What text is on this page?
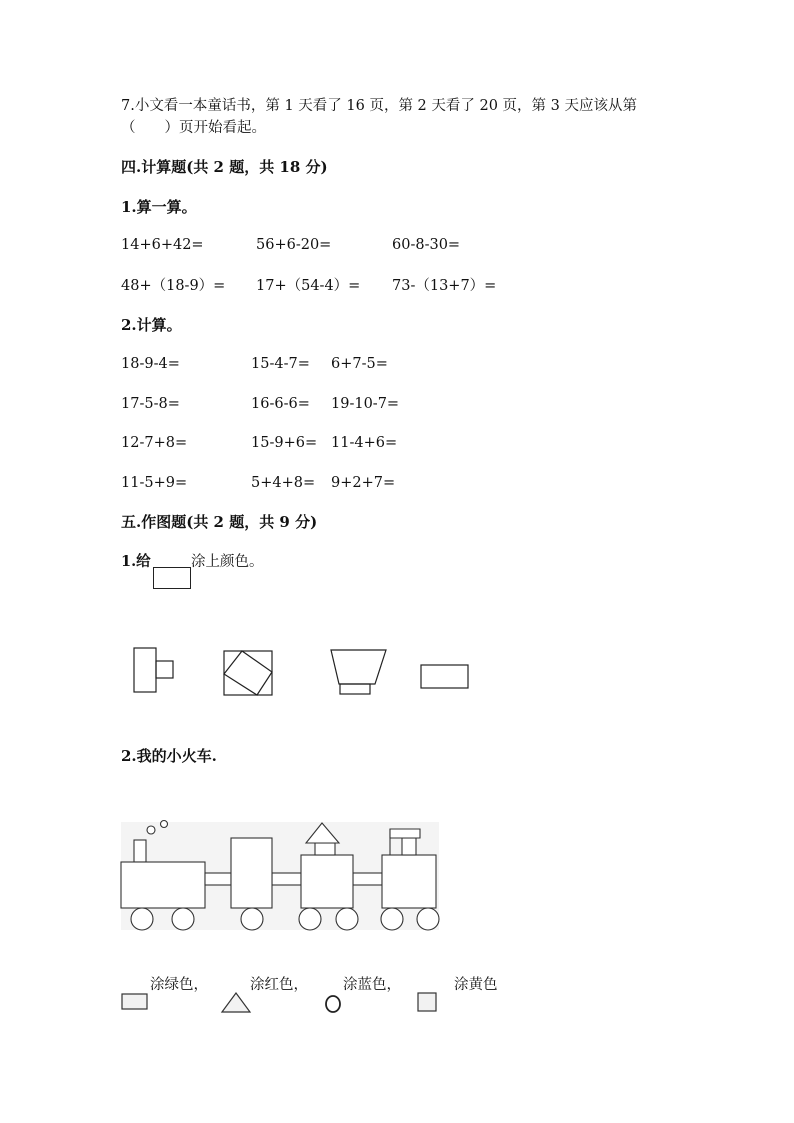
7.小文看一本童话书，第 1 天看了 16 页，第 2 天看了 20 页，第 3 天应该从第
（　　）页开始看起。
四.计算题(共 2 题，共 18 分)
1.算一算。
14+6+42=	56+6-20=	60-8-30=
48+（18-9）= 17+（54-4）= 73-（13+7）=
2.计算。
18-9-4=	15-4-7= 6+7-5=
17-5-8=	16-6-6= 19-10-7=
12-7+8=	15-9+6= 11-4+6=
11-5+9=	5+4+8= 9+2+7=
五.作图题(共 2 题，共 9 分)
1.给	涂上颜色。
2.我的小火车.
涂绿色，	涂红色， 涂蓝色，	涂黄色
